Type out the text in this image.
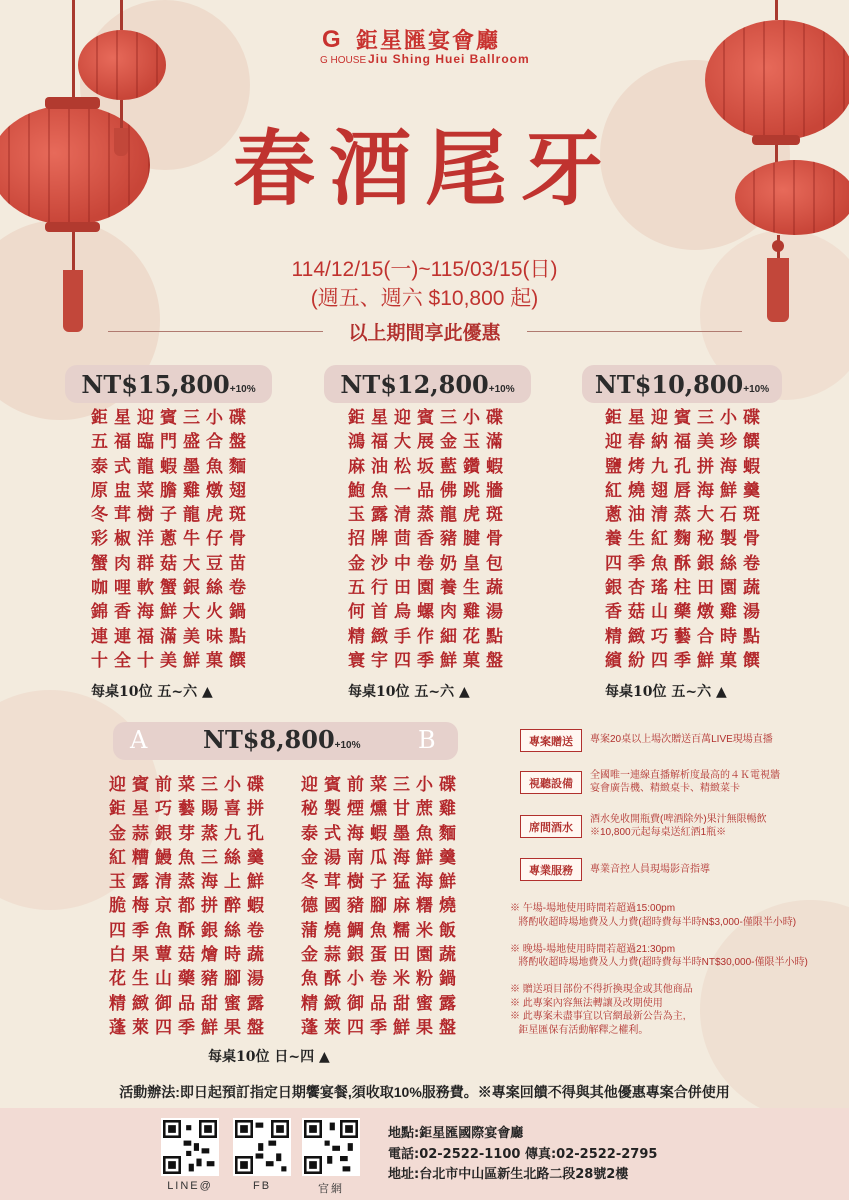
G 鉅星匯宴會廳
G HOUSE Jiu Shing Huei Ballroom
春酒尾牙
114/12/15(一)~115/03/15(日)
(週五、週六 $10,800 起)
以上期間享此優惠
NT$15,800 +10%
鉅星迎賓三小碟
五福臨門盛合盤
泰式龍蝦墨魚麵
原盅菜膽雞燉翅
冬茸樹子龍虎斑
彩椒洋蔥牛仔骨
蟹肉群菇大豆苗
咖哩軟蟹銀絲卷
錦香海鮮大火鍋
連連福滿美味點
十全十美鮮菓饌
每桌10位 五~六 ▲
NT$12,800 +10%
鉅星迎賓三小碟
鴻福大展金玉滿
麻油松坂藍鑽蝦
鮑魚一品佛跳牆
玉露清蒸龍虎斑
招牌茴香豬腱骨
金沙中卷奶皇包
五行田園養生蔬
何首烏螺肉雞湯
精緻手作細花點
寰宇四季鮮菓盤
每桌10位 五~六 ▲
NT$10,800 +10%
鉅星迎賓三小碟
迎春納福美珍饌
鹽烤九孔拼海蝦
紅燒翅唇海鮮羹
蔥油清蒸大石斑
養生紅麴秘製骨
四季魚酥銀絲卷
銀杏瑤柱田園蔬
香菇山藥燉雞湯
精緻巧藝合時點
繽紛四季鮮菓饌
每桌10位 五~六 ▲
A NT$8,800 +10% B
迎賓前菜三小碟
鉅星巧藝賜喜拼
金蒜銀芽蒸九孔
紅糟鰻魚三絲羹
玉露清蒸海上鮮
脆梅京都拼醉蝦
四季魚酥銀絲卷
白果蕈菇燴時蔬
花生山藥豬腳湯
精緻御品甜蜜露
蓬萊四季鮮果盤
迎賓前菜三小碟
秘製煙燻甘蔗雞
泰式海蝦墨魚麵
金湯南瓜海鮮羹
冬茸樹子猛海鮮
德國豬腳麻糬燒
蒲燒鯛魚糯米飯
金蒜銀蛋田園蔬
魚酥小卷米粉鍋
精緻御品甜蜜露
蓬萊四季鮮果盤
每桌10位 日~四 ▲
專案贈送	專案20桌以上場次贈送百萬LIVE現場直播
視聽設備
全國唯一連線直播解析度最高的４Ｋ電視牆
宴會廣告機、精緻桌卡、精緻菜卡
席間酒水
酒水免收開瓶費(啤酒除外)果汁無限暢飲
※10,800元起每桌送紅酒1瓶※
專業服務	專業音控人員現場影音指導
※ 午場-場地使用時間若超過15:00pm
將酌收超時場地費及人力費(超時費每半時N$3,000-僅限半小時)
※ 晚場-場地使用時間若超過21:30pm
將酌收超時場地費及人力費(超時費每半時NT$30,000-僅限半小時)
※ 贈送項目部份不得折換現金或其他商品
※ 此專案內容無法轉讓及改期使用
※ 此專案未盡事宜以官網最新公告為主,
鉅星匯保有活動解釋之權利。
活動辦法:即日起預訂指定日期饗宴餐,須收取10%服務費。※專案回饋不得與其他優惠專案合併使用
LINE@	FB	官網
地點:鉅星匯國際宴會廳
電話:02-2522-1100 傳真:02-2522-2795
地址:台北市中山區新生北路二段28號2樓
